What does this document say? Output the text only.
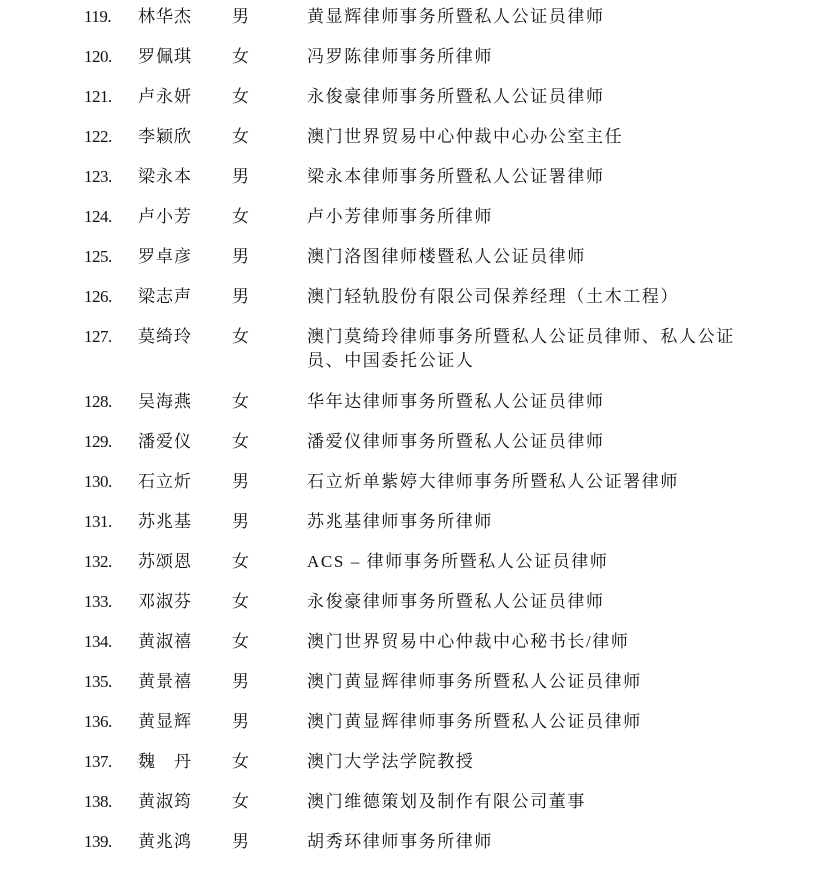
119. 林华杰 男	黄显辉律师事务所暨私人公证员律师
120. 罗佩琪 女	冯罗陈律师事务所律师
121. 卢永妍 女	永俊豪律师事务所暨私人公证员律师
122. 李颖欣 女	澳门世界贸易中心仲裁中心办公室主任
123. 梁永本 男	梁永本律师事务所暨私人公证署律师
124. 卢小芳 女	卢小芳律师事务所律师
125. 罗卓彦 男	澳门洛图律师楼暨私人公证员律师
126. 梁志声 男	澳门轻轨股份有限公司保养经理（土木工程）
127. 莫绮玲 女	澳门莫绮玲律师事务所暨私人公证员律师、私人公证员、中国委托公证人
128. 吴海燕 女	华年达律师事务所暨私人公证员律师
129. 潘爱仪 女	潘爱仪律师事务所暨私人公证员律师
130. 石立炘 男	石立炘单紫婷大律师事务所暨私人公证署律师
131. 苏兆基 男	苏兆基律师事务所律师
132. 苏颂恩 女	ACS – 律师事务所暨私人公证员律师
133. 邓淑芬 女	永俊豪律师事务所暨私人公证员律师
134. 黄淑禧 女	澳门世界贸易中心仲裁中心秘书长/律师
135. 黄景禧 男	澳门黄显辉律师事务所暨私人公证员律师
136. 黄显辉 男	澳门黄显辉律师事务所暨私人公证员律师
137. 魏　丹 女	澳门大学法学院教授
138. 黄淑筠 女	澳门维德策划及制作有限公司董事
139. 黄兆鸿 男	胡秀环律师事务所律师
